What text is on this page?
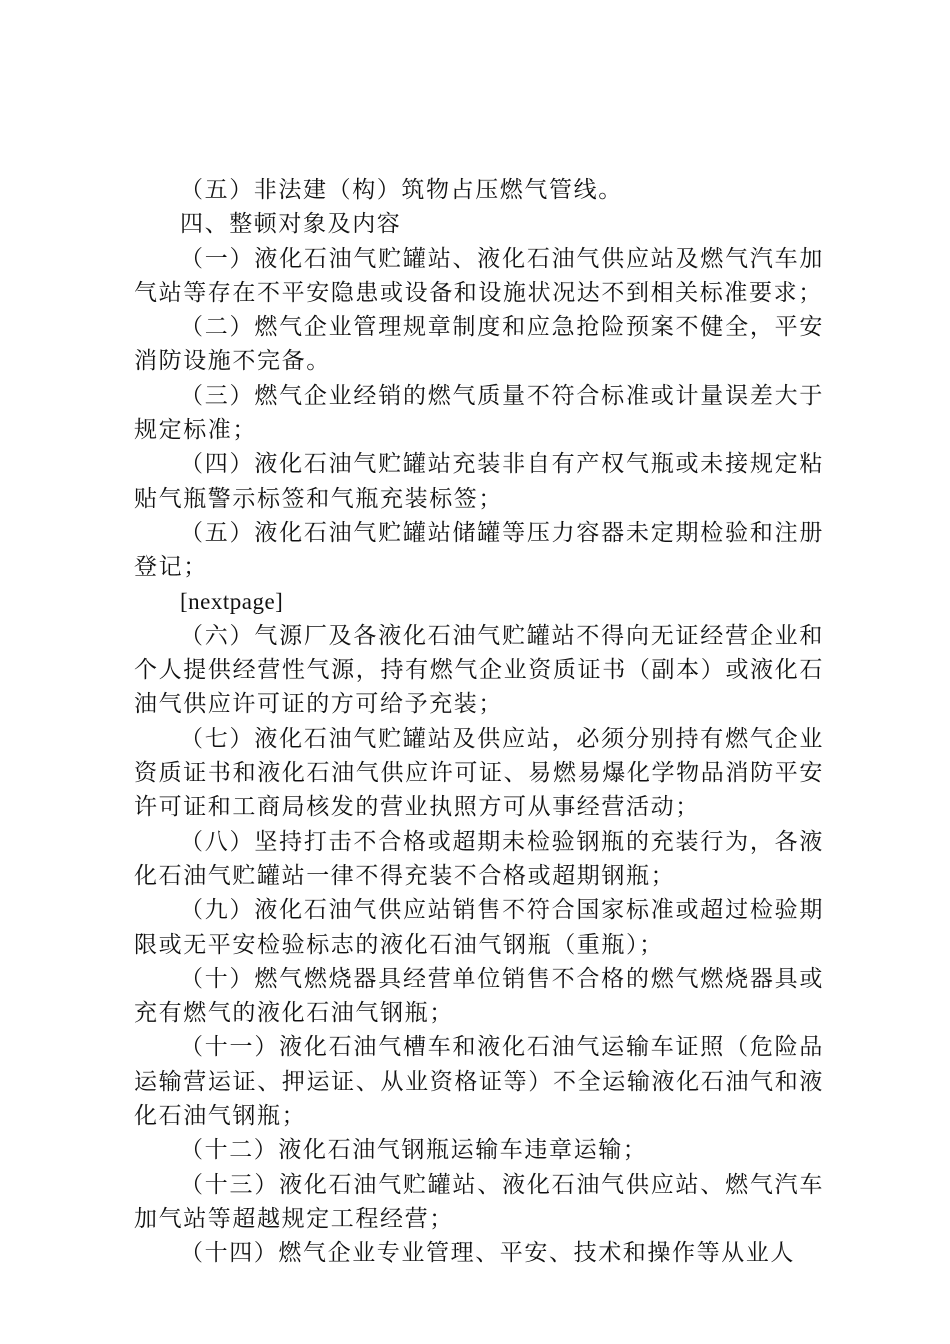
（五）非法建（构）筑物占压燃气管线。

四、整顿对象及内容

（一）液化石油气贮罐站、液化石油气供应站及燃气汽车加气站等存在不平安隐患或设备和设施状况达不到相关标准要求；

（二）燃气企业管理规章制度和应急抢险预案不健全，平安消防设施不完备。

（三）燃气企业经销的燃气质量不符合标准或计量误差大于规定标准；

（四）液化石油气贮罐站充装非自有产权气瓶或未接规定粘贴气瓶警示标签和气瓶充装标签；

（五）液化石油气贮罐站储罐等压力容器未定期检验和注册登记；

[nextpage]

（六）气源厂及各液化石油气贮罐站不得向无证经营企业和个人提供经营性气源，持有燃气企业资质证书（副本）或液化石油气供应许可证的方可给予充装；

（七）液化石油气贮罐站及供应站，必须分别持有燃气企业资质证书和液化石油气供应许可证、易燃易爆化学物品消防平安许可证和工商局核发的营业执照方可从事经营活动；

（八）坚持打击不合格或超期未检验钢瓶的充装行为，各液化石油气贮罐站一律不得充装不合格或超期钢瓶；

（九）液化石油气供应站销售不符合国家标准或超过检验期限或无平安检验标志的液化石油气钢瓶（重瓶）；

（十）燃气燃烧器具经营单位销售不合格的燃气燃烧器具或充有燃气的液化石油气钢瓶；

（十一）液化石油气槽车和液化石油气运输车证照（危险品运输营运证、押运证、从业资格证等）不全运输液化石油气和液化石油气钢瓶；

（十二）液化石油气钢瓶运输车违章运输；

（十三）液化石油气贮罐站、液化石油气供应站、燃气汽车加气站等超越规定工程经营；

（十四）燃气企业专业管理、平安、技术和操作等从业人
